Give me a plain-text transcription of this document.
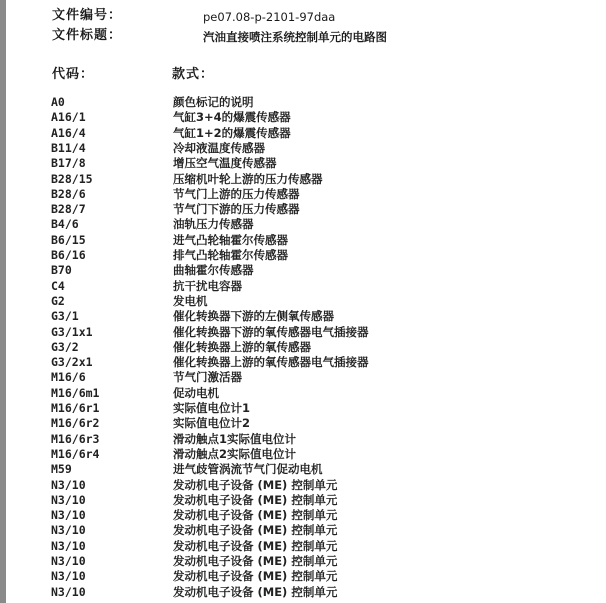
文件编号：	pe07.08-p-2101-97daa
文件标题：	汽油直接喷注系统控制单元的电路图
代码：	款式：
A0	颜色标记的说明
A16/1	气缸3+4的爆震传感器
A16/4	气缸1+2的爆震传感器
B11/4	冷却液温度传感器
B17/8	增压空气温度传感器
B28/15	压缩机叶轮上游的压力传感器
B28/6	节气门上游的压力传感器
B28/7	节气门下游的压力传感器
B4/6	油轨压力传感器
B6/15	进气凸轮轴霍尔传感器
B6/16	排气凸轮轴霍尔传感器
B70	曲轴霍尔传感器
C4	抗干扰电容器
G2	发电机
G3/1	催化转换器下游的左侧氧传感器
G3/1x1	催化转换器下游的氧传感器电气插接器
G3/2	催化转换器上游的氧传感器
G3/2x1	催化转换器上游的氧传感器电气插接器
M16/6	节气门激活器
M16/6m1	促动电机
M16/6r1	实际值电位计1
M16/6r2	实际值电位计2
M16/6r3	滑动触点1实际值电位计
M16/6r4	滑动触点2实际值电位计
M59	进气歧管涡流节气门促动电机
N3/10	发动机电子设备 (ME) 控制单元
N3/10	发动机电子设备 (ME) 控制单元
N3/10	发动机电子设备 (ME) 控制单元
N3/10	发动机电子设备 (ME) 控制单元
N3/10	发动机电子设备 (ME) 控制单元
N3/10	发动机电子设备 (ME) 控制单元
N3/10	发动机电子设备 (ME) 控制单元
N3/10	发动机电子设备 (ME) 控制单元
